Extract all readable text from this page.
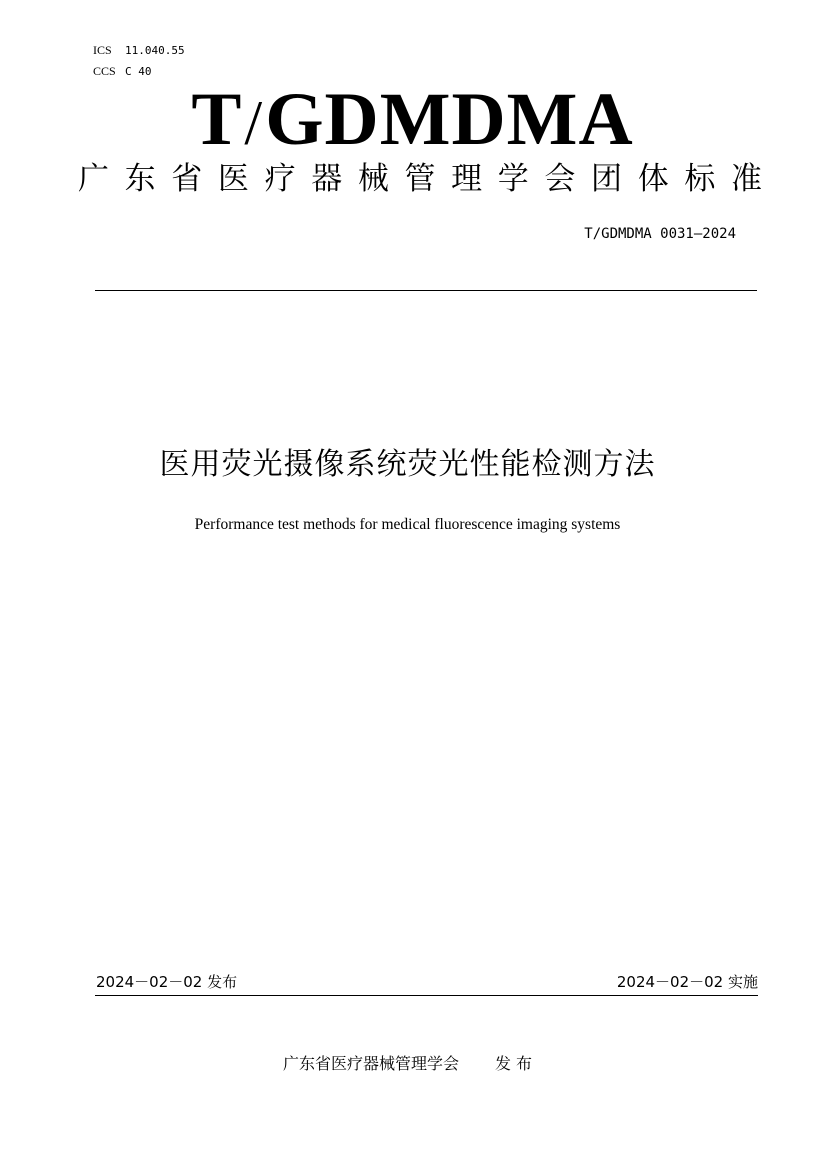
ICS 11.040.55
CCS C 40
T/GDMDMA
广 东 省 医 疗 器 械 管 理 学 会 团 体 标 准
T/GDMDMA 0031—2024
医用荧光摄像系统荧光性能检测方法
Performance test methods for medical fluorescence imaging systems
2024－02－02 发布	2024－02－02 实施
广东省医疗器械管理学会 发 布
